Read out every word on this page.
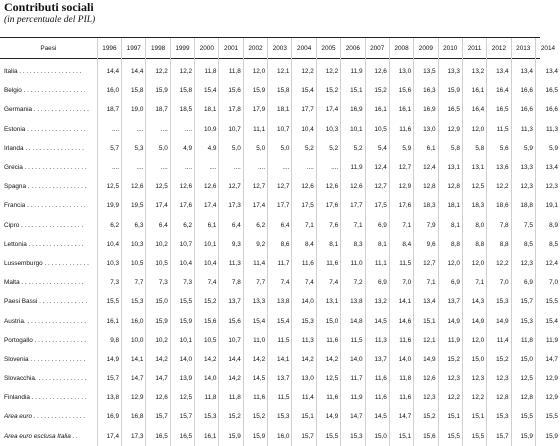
Contributi sociali
(in percentuale del PIL)
Paesi	1996	1997	1998	1999	2000	2001	2002	2003	2004	2005	2006	2007	2008	2009	2010	2011	2012	2013	2014
Italia . . . . . . . . . . . . . . . . . .	14,4	14,4	12,2	12,2	11,8	11,8	12,0	12,1	12,2	12,2	11,9	12,6	13,0	13,5	13,3	13,2	13,4	13,4	13,4
Belgio . . . . . . . . . . . . . . . . . .	16,0	15,8	15,9	15,8	15,4	15,6	15,9	15,8	15,4	15,2	15,1	15,2	15,6	16,3	15,9	16,1	16,4	16,6	16,5
Germania . . . . . . . . . . . . . . . .	18,7	19,0	18,7	18,5	18,1	17,8	17,9	18,1	17,7	17,4	16,9	16,1	16,1	16,9	16,5	16,4	16,5	16,6	16,6
Estonia . . . . . . . . . . . . . . . . .	....	....	....	....	10,9	10,7	11,1	10,7	10,4	10,3	10,1	10,5	11,6	13,0	12,9	12,0	11,5	11,3	11,3
Irlanda . . . . . . . . . . . . . . . . .	5,7	5,3	5,0	4,9	4,9	5,0	5,0	5,0	5,2	5,2	5,2	5,4	5,9	6,1	5,8	5,8	5,6	5,9	5,9
Grecia . . . . . . . . . . . . . . . . . .	....	....	....	....	....	....	....	....	....	....	11,9	12,4	12,7	12,4	13,1	13,1	13,6	13,3	13,4
Spagna . . . . . . . . . . . . . . . . .	12,5	12,6	12,5	12,6	12,6	12,7	12,7	12,7	12,6	12,6	12,6	12,7	12,9	12,8	12,8	12,5	12,2	12,3	12,3
Francia . . . . . . . . . . . . . . . . .	19,9	19,5	17,4	17,6	17,4	17,3	17,4	17,7	17,5	17,6	17,7	17,5	17,6	18,3	18,1	18,3	18,6	18,8	19,1
Cipro . . . . . . . . . . . . . . . . . .	6,2	6,3	6,4	6,2	6,1	6,4	6,2	6,4	7,1	7,6	7,1	6,9	7,1	7,9	8,1	8,0	7,8	7,5	8,9
Lettonia . . . . . . . . . . . . . . . .	10,4	10,3	10,2	10,7	10,1	9,3	9,2	8,6	8,4	8,1	8,3	8,1	8,4	9,6	8,8	8,8	8,8	8,5	8,5
Lussemburgo . . . . . . . . . . . . .	10,3	10,5	10,5	10,4	10,4	11,3	11,4	11,7	11,6	11,6	11,0	11,1	11,5	12,7	12,0	12,0	12,2	12,3	12,4
Malta . . . . . . . . . . . . . . . . . .	7,3	7,7	7,3	7,3	7,4	7,8	7,7	7,4	7,4	7,4	7,2	6,9	7,0	7,1	6,9	7,1	7,0	6,9	7,0
Paesi Bassi . . . . . . . . . . . . . .	15,5	15,3	15,0	15,5	15,2	13,7	13,3	13,8	14,0	13,1	13,8	13,2	14,1	13,4	13,7	14,3	15,3	15,7	15,5
Austria. . . . . . . . . . . . . . . . . .	16,1	16,0	15,9	15,9	15,6	15,6	15,4	15,4	15,3	15,0	14,8	14,5	14,6	15,1	14,9	14,9	14,9	15,3	15,4
Portogallo . . . . . . . . . . . . . . .	9,8	10,0	10,2	10,1	10,5	10,7	11,0	11,5	11,3	11,6	11,5	11,3	11,6	12,1	11,9	12,0	11,4	11,8	11,9
Slovenia . . . . . . . . . . . . . . . .	14,9	14,1	14,2	14,0	14,2	14,4	14,2	14,1	14,2	14,2	14,0	13,7	14,0	14,9	15,2	15,0	15,2	15,0	14,7
Slovacchia. . . . . . . . . . . . . . .	15,7	14,7	14,7	13,9	14,0	14,2	14,5	13,7	13,0	12,5	11,7	11,6	11,8	12,6	12,3	12,3	12,3	12,5	12,9
Finlandia . . . . . . . . . . . . . . . .	13,8	12,9	12,6	12,5	11,8	11,8	11,6	11,5	11,4	11,6	11,9	11,6	11,6	12,3	12,2	12,2	12,8	12,8	12,9
Area euro . . . . . . . . . . . . . . .	16,9	16,8	15,7	15,7	15,3	15,2	15,2	15,3	15,1	14,9	14,7	14,5	14,7	15,2	15,1	15,1	15,3	15,5	15,5
Area euro esclusa Italia . .	17,4	17,3	16,5	16,5	16,1	15,9	15,9	16,0	15,7	15,5	15,3	15,0	15,1	15,6	15,5	15,5	15,7	15,9	15,9
